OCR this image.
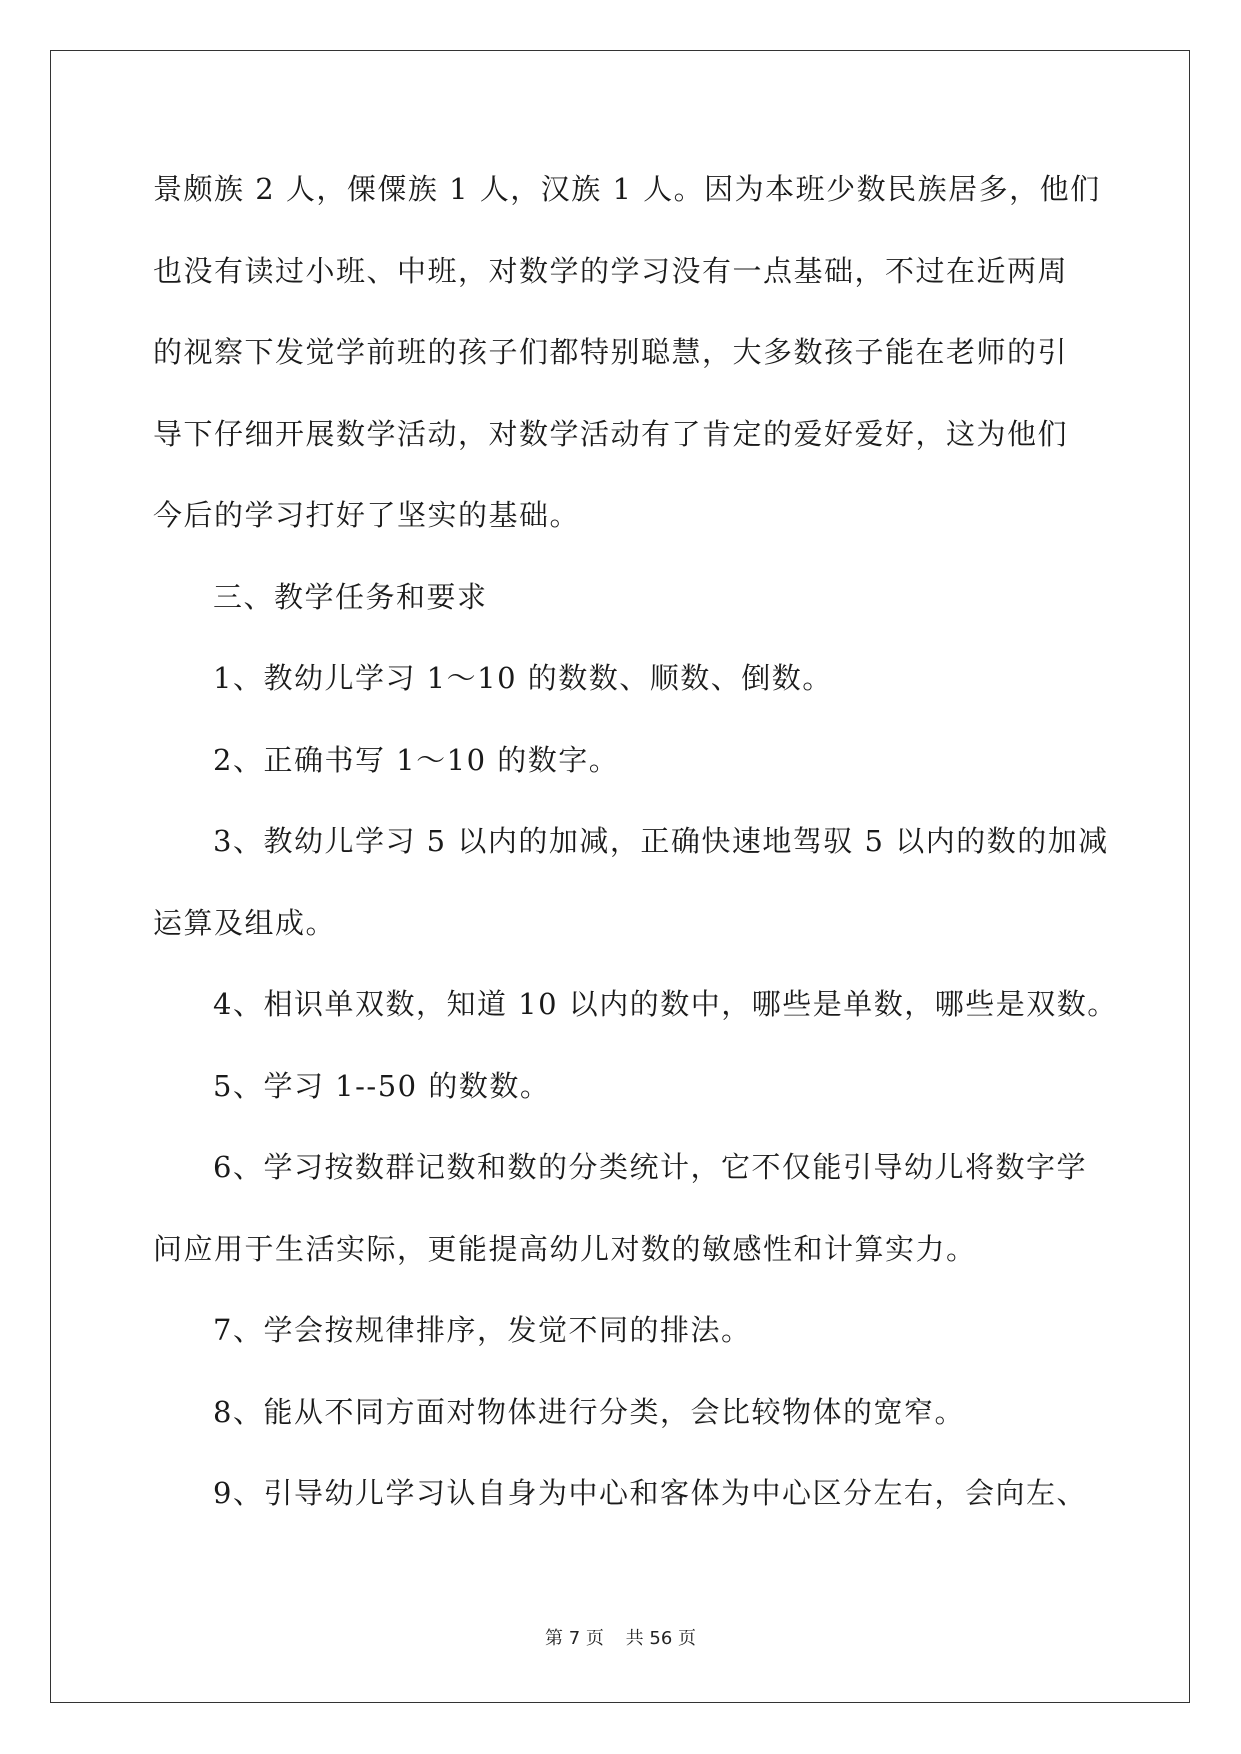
景颇族 2 人，傈僳族 1 人，汉族 1 人。因为本班少数民族居多，他们
也没有读过小班、中班，对数学的学习没有一点基础，不过在近两周
的视察下发觉学前班的孩子们都特别聪慧，大多数孩子能在老师的引
导下仔细开展数学活动，对数学活动有了肯定的爱好爱好，这为他们
今后的学习打好了坚实的基础。
三、教学任务和要求
1、教幼儿学习 1～10 的数数、顺数、倒数。
2、正确书写 1～10 的数字。
3、教幼儿学习 5 以内的加减，正确快速地驾驭 5 以内的数的加减
运算及组成。
4、相识单双数，知道 10 以内的数中，哪些是单数，哪些是双数。
5、学习 1--50 的数数。
6、学习按数群记数和数的分类统计，它不仅能引导幼儿将数字学
问应用于生活实际，更能提高幼儿对数的敏感性和计算实力。
7、学会按规律排序，发觉不同的排法。
8、能从不同方面对物体进行分类，会比较物体的宽窄。
9、引导幼儿学习认自身为中心和客体为中心区分左右，会向左、
第 7 页 共 56 页
